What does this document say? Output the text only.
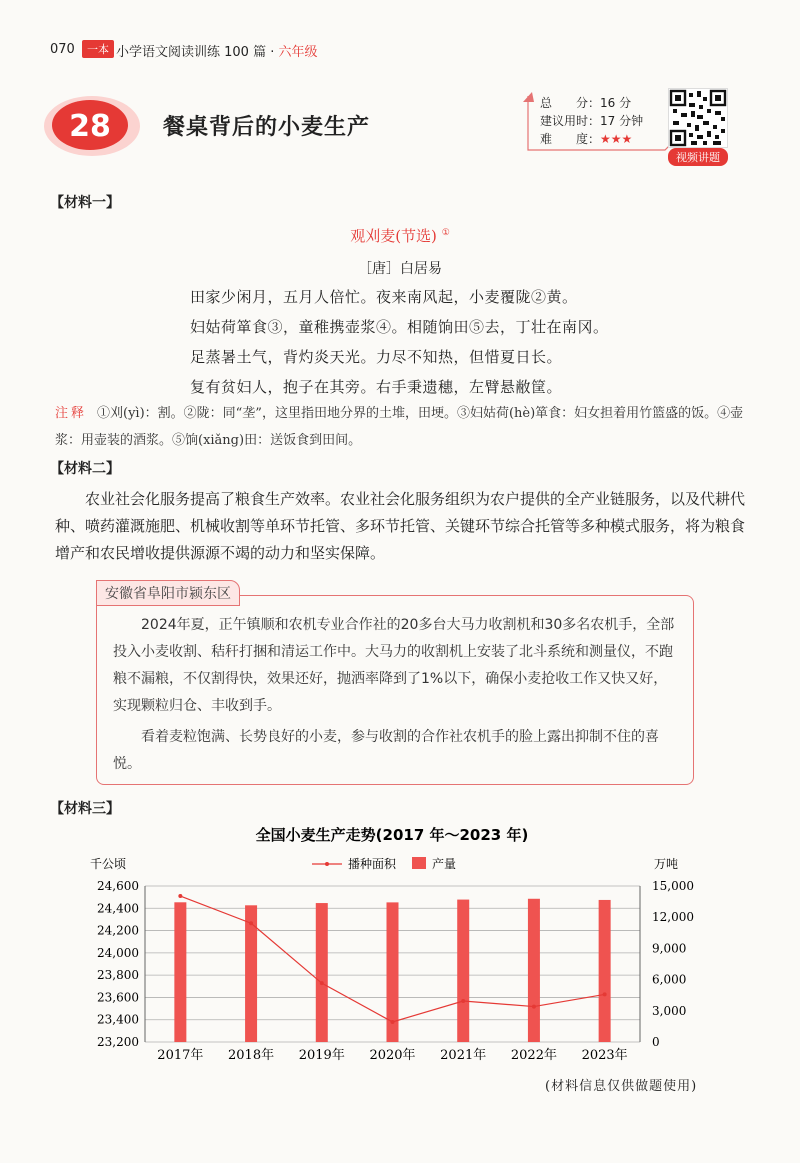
070	一本 小学语文阅读训练 100 篇 · 六年级
28 餐桌背后的小麦生产
总　　分：16 分
建议用时：17 分钟
难　　度：★★★
视频讲题
【材料一】
观刈麦(节选) ①
［唐］白居易
田家少闲月，五月人倍忙。夜来南风起，小麦覆陇②黄。
妇姑荷箪食③，童稚携壶浆④。相随饷田⑤去，丁壮在南冈。
足蒸暑土气，背灼炎天光。力尽不知热，但惜夏日长。
复有贫妇人，抱子在其旁。右手秉遗穗，左臂悬敝筐。
注释 ①刈(yì)：割。②陇：同“垄”，这里指田地分界的土堆，田埂。③妇姑荷(hè)箪食：妇女担着用竹篮盛的饭。④壶浆：用壶装的酒浆。⑤饷(xiǎng)田：送饭食到田间。
【材料二】
农业社会化服务提高了粮食生产效率。农业社会化服务组织为农户提供的全产业链服务，以及代耕代种、喷药灌溉施肥、机械收割等单环节托管、多环节托管、关键环节综合托管等多种模式服务，将为粮食增产和农民增收提供源源不竭的动力和坚实保障。
安徽省阜阳市颍东区
2024年夏，正午镇顺和农机专业合作社的20多台大马力收割机和30多名农机手，全部投入小麦收割、秸秆打捆和清运工作中。大马力的收割机上安装了北斗系统和测量仪，不跑粮不漏粮，不仅割得快，效果还好，抛洒率降到了1%以下，确保小麦抢收工作又快又好，实现颗粒归仓、丰收到手。
看着麦粒饱满、长势良好的小麦，参与收割的合作社农机手的脸上露出抑制不住的喜悦。
【材料三】
全国小麦生产走势(2017 年～2023 年)
千公顷	万吨
播种面积	产量
23,200
23,400
23,600
23,800
24,000
24,200
24,400
24,600
0
3,000
6,000
9,000
12,000
15,000
2017年 2018年 2019年 2020年 2021年 2022年 2023年
(材料信息仅供做题使用)
